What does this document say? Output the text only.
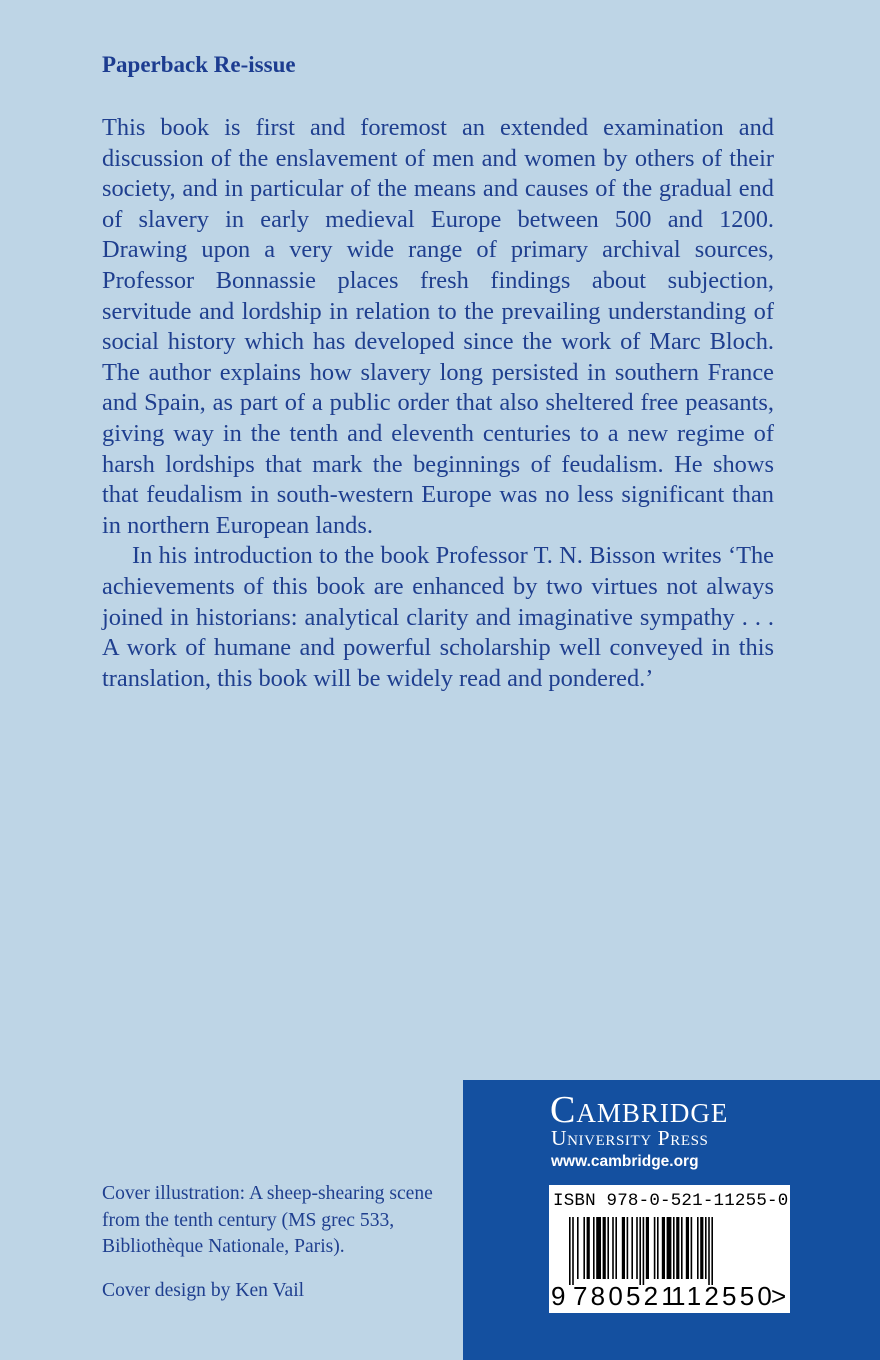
Paperback Re-issue

This book is first and foremost an extended examination and discussion of the enslavement of men and women by others of their society, and in particular of the means and causes of the gradual end of slavery in early medieval Europe between 500 and 1200. Drawing upon a very wide range of primary archival sources, Professor Bonnassie places fresh findings about subjection, servitude and lordship in relation to the prevailing understanding of social history which has developed since the work of Marc Bloch. The author explains how slavery long persisted in southern France and Spain, as part of a public order that also sheltered free peasants, giving way in the tenth and eleventh centuries to a new regime of harsh lordships that mark the beginnings of feudalism. He shows that feudalism in south-western Europe was no less significant than in northern European lands.

In his introduction to the book Professor T. N. Bisson writes ‘The achievements of this book are enhanced by two virtues not always joined in historians: analytical clarity and imaginative sympathy . . . A work of humane and powerful scholarship well conveyed in this translation, this book will be widely read and pondered.’

Cover illustration: A sheep-shearing scene from the tenth century (MS grec 533, Bibliothèque Nationale, Paris).
Cover design by Ken Vail
Cambridge
University Press
www.cambridge.org
ISBN 978-0-521-11255-0
9 780521
112550
>
